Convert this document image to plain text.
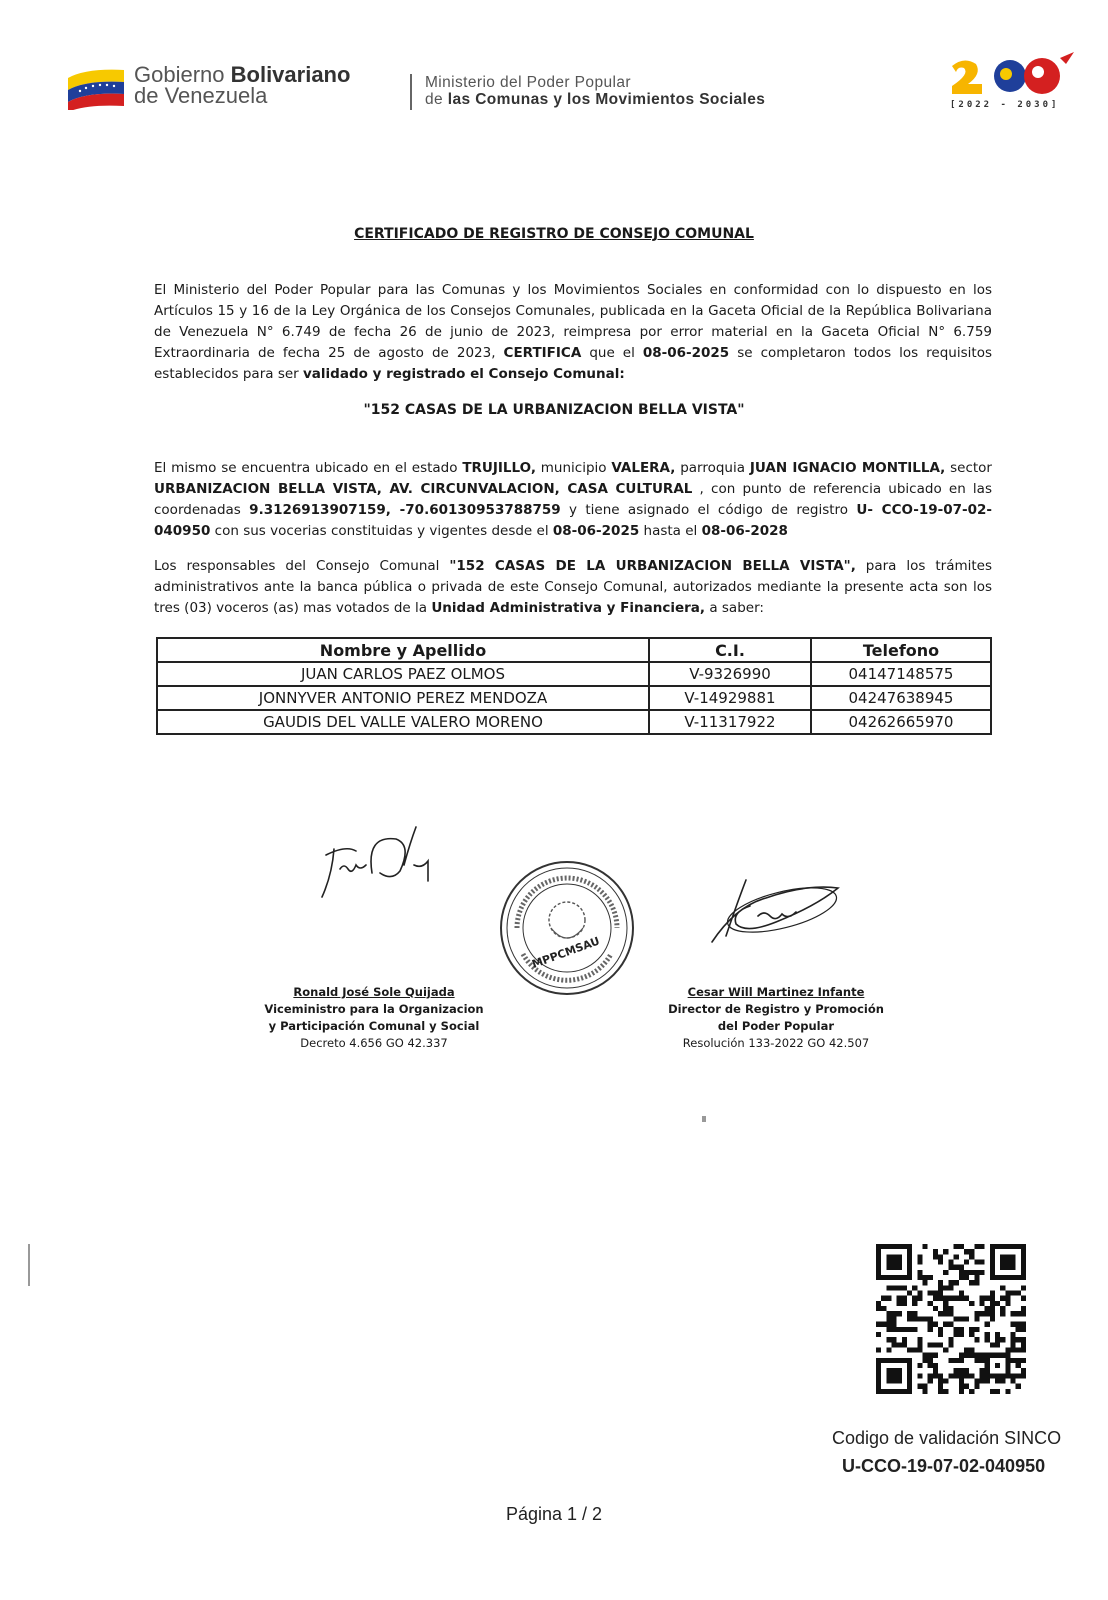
Gobierno Bolivariano
de Venezuela
Ministerio del Poder Popular
de las Comunas y los Movimientos Sociales	[2022 - 2030]
CERTIFICADO DE REGISTRO DE CONSEJO COMUNAL
El Ministerio del Poder Popular para las Comunas y los Movimientos Sociales en conformidad con lo dispuesto en los Artículos 15 y 16 de la Ley Orgánica de los Consejos Comunales, publicada en la Gaceta Oficial de la República Bolivariana de Venezuela N° 6.749 de fecha 26 de junio de 2023, reimpresa por error material en la Gaceta Oficial N° 6.759 Extraordinaria de fecha 25 de agosto de 2023, CERTIFICA que el 08-06-2025 se completaron todos los requisitos establecidos para ser validado y registrado el Consejo Comunal:
"152 CASAS DE LA URBANIZACION BELLA VISTA"
El mismo se encuentra ubicado en el estado TRUJILLO, municipio VALERA, parroquia JUAN IGNACIO MONTILLA, sector URBANIZACION BELLA VISTA, AV. CIRCUNVALACION, CASA CULTURAL , con punto de referencia ubicado en las coordenadas 9.3126913907159, -70.60130953788759 y tiene asignado el código de registro U- CCO-19-07-02-040950 con sus vocerias constituidas y vigentes desde el 08-06-2025 hasta el 08-06-2028
Los responsables del Consejo Comunal "152 CASAS DE LA URBANIZACION BELLA VISTA", para los trámites administrativos ante la banca pública o privada de este Consejo Comunal, autorizados mediante la presente acta son los tres (03) voceros (as) mas votados de la Unidad Administrativa y Financiera, a saber:
Nombre y Apellido	C.I.	Telefono
JUAN CARLOS PAEZ OLMOS	V-9326990	04147148575
JONNYVER ANTONIO PEREZ MENDOZA	V-14929881	04247638945
GAUDIS DEL VALLE VALERO MORENO	V-11317922	04262665970
MPPCMSAU
Ronald José Sole Quijada
Viceministro para la Organizacion
y Participación Comunal y Social
Decreto 4.656 GO 42.337
Cesar Will Martinez Infante
Director de Registro y Promoción
del Poder Popular
Resolución 133-2022 GO 42.507
Codigo de validación SINCO
U-CCO-19-07-02-040950
Página 1 / 2
